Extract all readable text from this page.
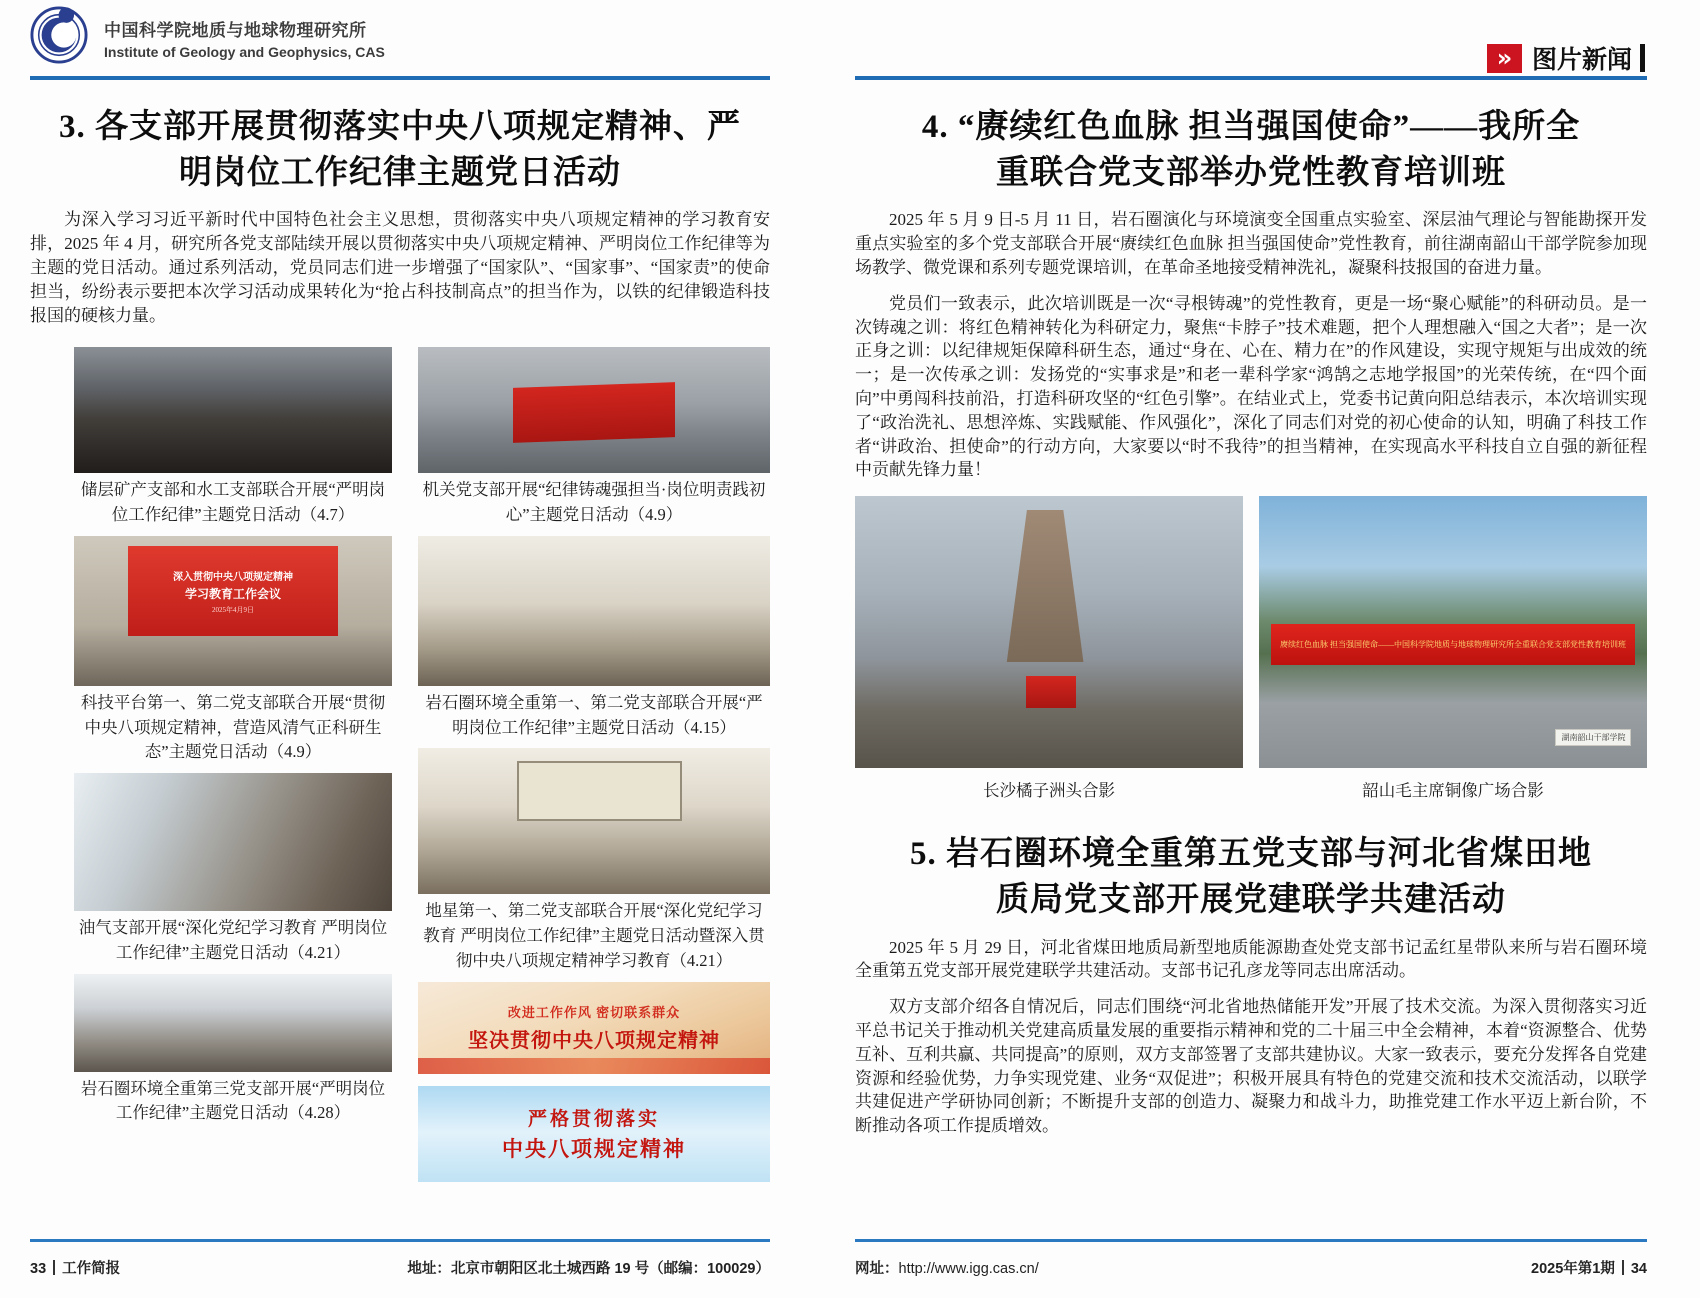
中国科学院地质与地球物理研究所
Institute of Geology and Geophysics, CAS
3. 各支部开展贯彻落实中央八项规定精神、严
明岗位工作纪律主题党日活动

为深入学习习近平新时代中国特色社会主义思想，贯彻落实中央八项规定精神的学习教育安排，2025 年 4 月，研究所各党支部陆续开展以贯彻落实中央八项规定精神、严明岗位工作纪律等为主题的党日活动。通过系列活动，党员同志们进一步增强了“国家队”、“国家事”、“国家责”的使命担当，纷纷表示要把本次学习活动成果转化为“抢占科技制高点”的担当作为，以铁的纪律锻造科技报国的硬核力量。

储层矿产支部和水工支部联合开展“严明岗位工作纪律”主题党日活动（4.7）
深入贯彻中央八项规定精神
学习教育工作会议
2025年4月9日
科技平台第一、第二党支部联合开展“贯彻中央八项规定精神，营造风清气正科研生态”主题党日活动（4.9）
油气支部开展“深化党纪学习教育 严明岗位工作纪律”主题党日活动（4.21）
岩石圈环境全重第三党支部开展“严明岗位工作纪律”主题党日活动（4.28）
机关党支部开展“纪律铸魂强担当·岗位明责践初心”主题党日活动（4.9）
岩石圈环境全重第一、第二党支部联合开展“严明岗位工作纪律”主题党日活动（4.15）
地星第一、第二党支部联合开展“深化党纪学习教育 严明岗位工作纪律”主题党日活动暨深入贯彻中央八项规定精神学习教育（4.21）
改进工作作风 密切联系群众
坚决贯彻中央八项规定精神
严格贯彻落实
中央八项规定精神
33 工作简报	地址：北京市朝阳区北土城西路 19 号（邮编：100029）
» 图片新闻
4. “赓续红色血脉 担当强国使命”——我所全
重联合党支部举办党性教育培训班

2025 年 5 月 9 日-5 月 11 日，岩石圈演化与环境演变全国重点实验室、深层油气理论与智能勘探开发重点实验室的多个党支部联合开展“赓续红色血脉 担当强国使命”党性教育，前往湖南韶山干部学院参加现场教学、微党课和系列专题党课培训，在革命圣地接受精神洗礼，凝聚科技报国的奋进力量。

党员们一致表示，此次培训既是一次“寻根铸魂”的党性教育，更是一场“聚心赋能”的科研动员。是一次铸魂之训：将红色精神转化为科研定力，聚焦“卡脖子”技术难题，把个人理想融入“国之大者”；是一次正身之训：以纪律规矩保障科研生态，通过“身在、心在、精力在”的作风建设，实现守规矩与出成效的统一；是一次传承之训：发扬党的“实事求是”和老一辈科学家“鸿鹄之志地学报国”的光荣传统，在“四个面向”中勇闯科技前沿，打造科研攻坚的“红色引擎”。在结业式上，党委书记黄向阳总结表示，本次培训实现了“政治洗礼、思想淬炼、实践赋能、作风强化”，深化了同志们对党的初心使命的认知，明确了科技工作者“讲政治、担使命”的行动方向，大家要以“时不我待”的担当精神，在实现高水平科技自立自强的新征程中贡献先锋力量！

赓续红色血脉 担当强国使命——中国科学院地质与地球物理研究所全重联合党支部党性教育培训班
湖南韶山干部学院
长沙橘子洲头合影	韶山毛主席铜像广场合影
5. 岩石圈环境全重第五党支部与河北省煤田地
质局党支部开展党建联学共建活动

2025 年 5 月 29 日，河北省煤田地质局新型地质能源勘查处党支部书记孟红星带队来所与岩石圈环境全重第五党支部开展党建联学共建活动。支部书记孔彦龙等同志出席活动。

双方支部介绍各自情况后，同志们围绕“河北省地热储能开发”开展了技术交流。为深入贯彻落实习近平总书记关于推动机关党建高质量发展的重要指示精神和党的二十届三中全会精神，本着“资源整合、优势互补、互利共赢、共同提高”的原则，双方支部签署了支部共建协议。大家一致表示，要充分发挥各自党建资源和经验优势，力争实现党建、业务“双促进”；积极开展具有特色的党建交流和技术交流活动，以联学共建促进产学研协同创新；不断提升支部的创造力、凝聚力和战斗力，助推党建工作水平迈上新台阶，不断推动各项工作提质增效。

网址：http://www.igg.cas.cn/	2025年第1期 34
